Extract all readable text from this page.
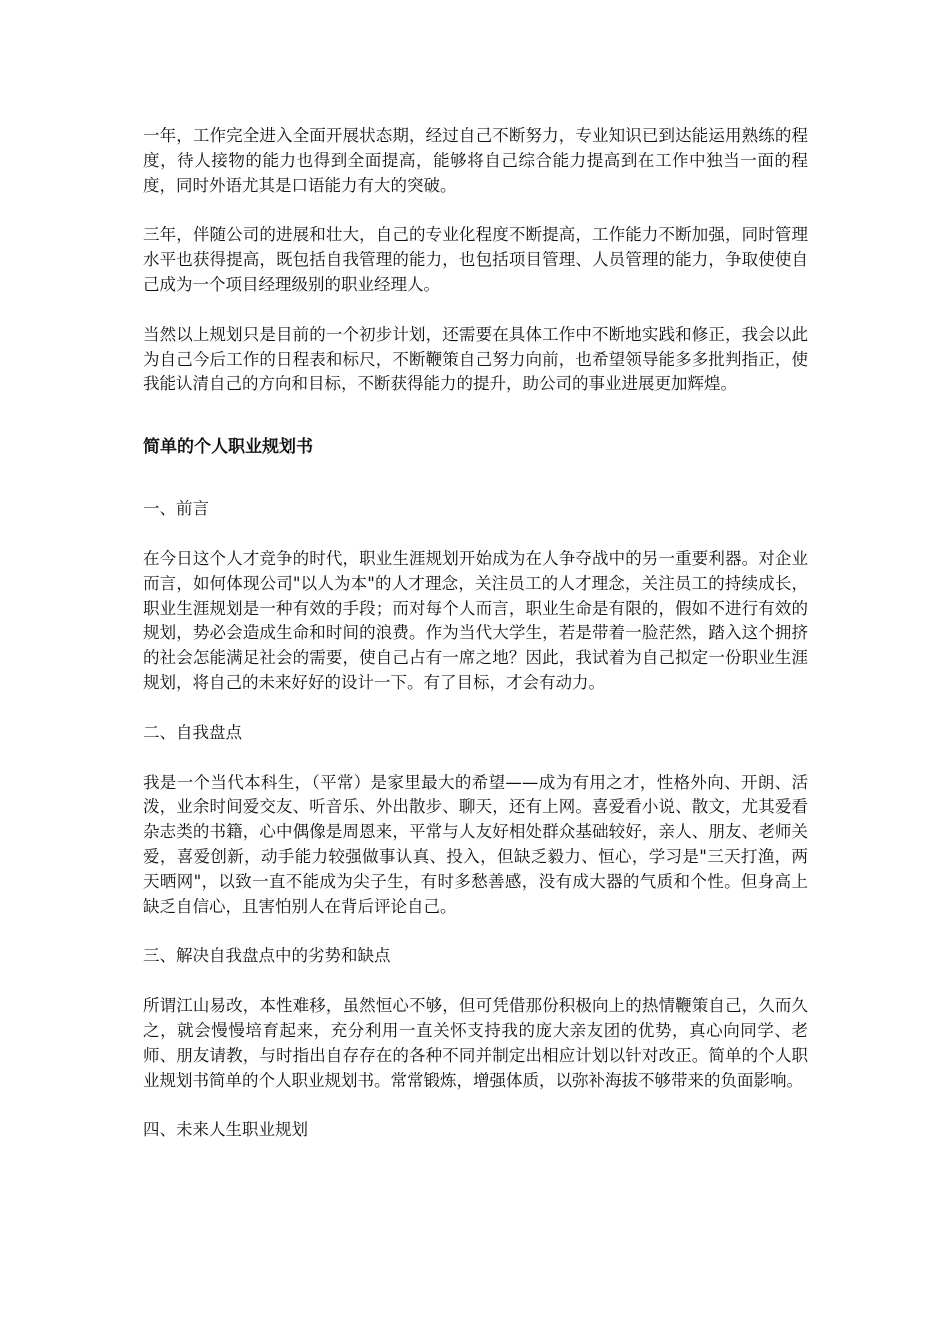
一年，工作完全进入全面开展状态期，经过自己不断努力，专业知识已到达能运用熟练的程度，待人接物的能力也得到全面提高，能够将自己综合能力提高到在工作中独当一面的程度，同时外语尤其是口语能力有大的突破。

三年，伴随公司的进展和壮大，自己的专业化程度不断提高，工作能力不断加强，同时管理水平也获得提高，既包括自我管理的能力，也包括项目管理、人员管理的能力，争取使使自己成为一个项目经理级别的职业经理人。

当然以上规划只是目前的一个初步计划，还需要在具体工作中不断地实践和修正，我会以此为自己今后工作的日程表和标尺，不断鞭策自己努力向前，也希望领导能多多批判指正，使我能认清自己的方向和目标，不断获得能力的提升，助公司的事业进展更加辉煌。

简单的个人职业规划书
一、前言

在今日这个人才竞争的时代，职业生涯规划开始成为在人争夺战中的另一重要利器。对企业而言，如何体现公司"以人为本"的人才理念，关注员工的人才理念，关注员工的持续成长，职业生涯规划是一种有效的手段；而对每个人而言，职业生命是有限的，假如不进行有效的规划，势必会造成生命和时间的浪费。作为当代大学生，若是带着一脸茫然，踏入这个拥挤的社会怎能满足社会的需要，使自己占有一席之地？因此，我试着为自己拟定一份职业生涯规划，将自己的未来好好的设计一下。有了目标，才会有动力。

二、自我盘点

我是一个当代本科生，（平常）是家里最大的希望——成为有用之才，性格外向、开朗、活泼，业余时间爱交友、听音乐、外出散步、聊天，还有上网。喜爱看小说、散文，尤其爱看杂志类的书籍，心中偶像是周恩来，平常与人友好相处群众基础较好，亲人、朋友、老师关爱，喜爱创新，动手能力较强做事认真、投入，但缺乏毅力、恒心，学习是"三天打渔，两天晒网"，以致一直不能成为尖子生，有时多愁善感，没有成大器的气质和个性。但身高上缺乏自信心，且害怕别人在背后评论自己。

三、解决自我盘点中的劣势和缺点

所谓江山易改，本性难移，虽然恒心不够，但可凭借那份积极向上的热情鞭策自己，久而久之，就会慢慢培育起来，充分利用一直关怀支持我的庞大亲友团的优势，真心向同学、老师、朋友请教，与时指出自存存在的各种不同并制定出相应计划以针对改正。简单的个人职业规划书简单的个人职业规划书。常常锻炼，增强体质，以弥补海拔不够带来的负面影响。

四、未来人生职业规划
